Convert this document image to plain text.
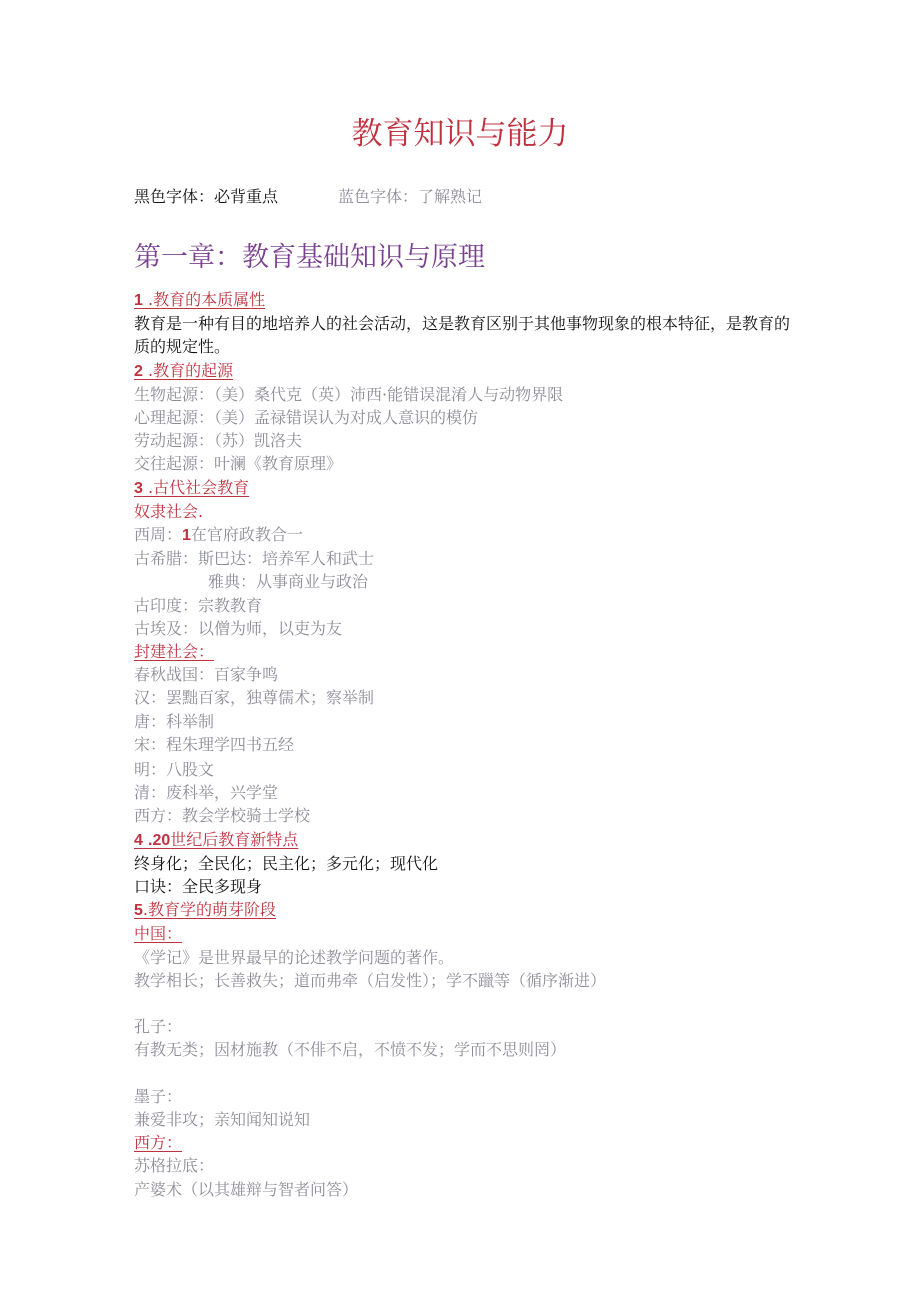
教育知识与能力
黑色字体：必背重点	蓝色字体：了解熟记
第一章：教育基础知识与原理
1 .教育的本质属性
教育是一种有目的地培养人的社会活动，这是教育区别于其他事物现象的根本特征，是教育的质的规定性。
2 .教育的起源
生物起源：（美）桑代克（英）沛西·能错误混淆人与动物界限
心理起源：（美）孟禄错误认为对成人意识的模仿
劳动起源：（苏）凯洛夫
交往起源：叶澜《教育原理》
3 .古代社会教育
奴隶社会.
西周：1在官府政教合一
古希腊：斯巴达：培养军人和武士
雅典：从事商业与政治
古印度：宗教教育
古埃及：以僧为师，以吏为友
封建社会：
春秋战国：百家争鸣
汉：罢黜百家，独尊儒术；察举制
唐：科举制
宋：程朱理学四书五经
明：八股文
清：废科举，兴学堂
西方：教会学校骑士学校
4 .20世纪后教育新特点
终身化；全民化；民主化；多元化；现代化
口诀：全民多现身
5.教育学的萌芽阶段
中国：
《学记》是世界最早的论述教学问题的著作。
教学相长；长善救失；道而弗牵（启发性）；学不躐等（循序渐进）
孔子：
有教无类；因材施教（不俳不启，不愤不发；学而不思则罔）
墨子：
兼爱非攻；亲知闻知说知
西方：
苏格拉底：
产婆术（以其雄辩与智者问答）
